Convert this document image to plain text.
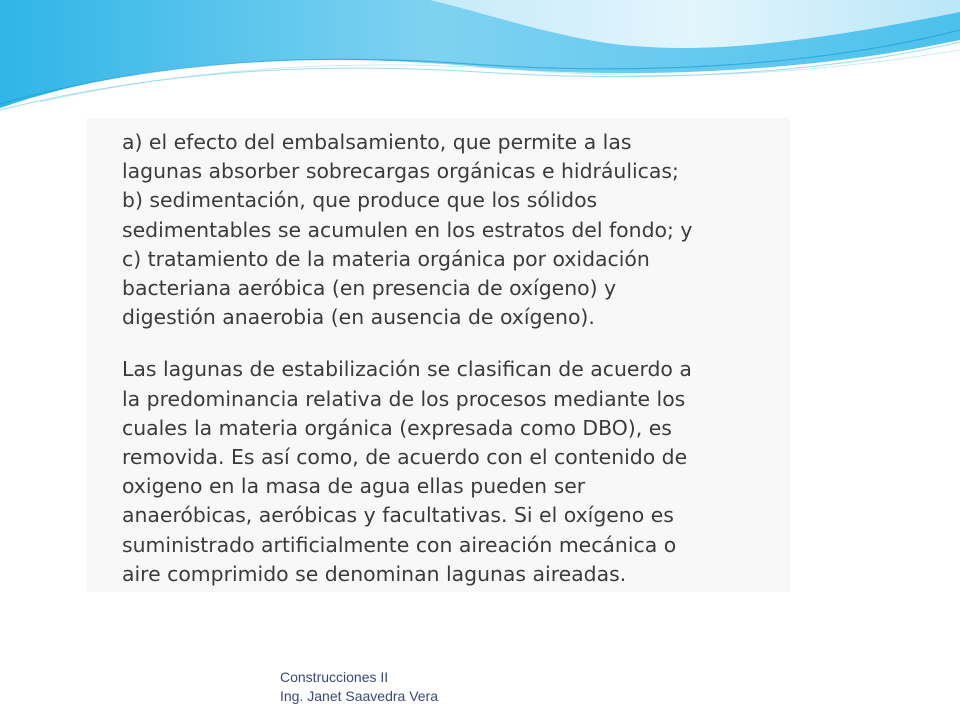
a) el efecto del embalsamiento, que permite a las
lagunas absorber sobrecargas orgánicas e hidráulicas;
b) sedimentación, que produce que los sólidos
sedimentables se acumulen en los estratos del fondo; y
c) tratamiento de la materia orgánica por oxidación
bacteriana aeróbica (en presencia de oxígeno) y
digestión anaerobia (en ausencia de oxígeno).

Las lagunas de estabilización se clasifican de acuerdo a
la predominancia relativa de los procesos mediante los
cuales la materia orgánica (expresada como DBO), es
removida. Es así como, de acuerdo con el contenido de
oxigeno en la masa de agua ellas pueden ser
anaeróbicas, aeróbicas y facultativas. Si el oxígeno es
suministrado artificialmente con aireación mecánica o
aire comprimido se denominan lagunas aireadas.

Construcciones II
Ing. Janet Saavedra Vera
